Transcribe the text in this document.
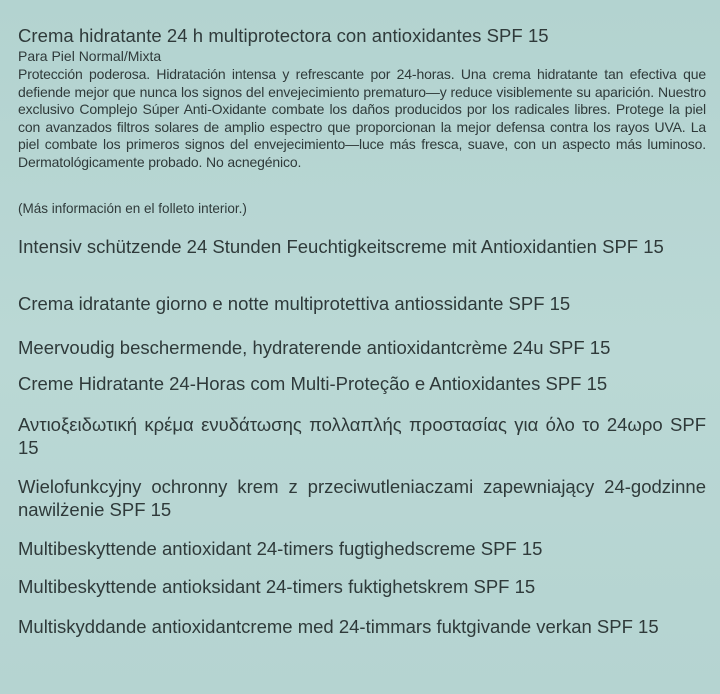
Crema hidratante 24 h multiprotectora con antioxidantes SPF 15
Para Piel Normal/Mixta

Protección poderosa. Hidratación intensa y refrescante por 24-horas. Una crema hidratante tan efectiva que defiende mejor que nunca los signos del envejecimiento prematuro—y reduce visiblemente su aparición. Nuestro exclusivo Complejo Súper Anti-Oxidante combate los daños producidos por los radicales libres. Protege la piel con avanzados filtros solares de amplio espectro que proporcionan la mejor defensa contra los rayos UVA. La piel combate los primeros signos del envejecimiento—luce más fresca, suave, con un aspecto más luminoso. Dermatológicamente probado. No acnegénico.

(Más información en el folleto interior.)
Intensiv schützende 24 Stunden Feuchtigkeitscreme mit Antioxidantien SPF 15
Crema idratante giorno e notte multiprotettiva antiossidante SPF 15
Meervoudig beschermende, hydraterende antioxidantcrème 24u SPF 15
Creme Hidratante 24-Horas com Multi-Proteção e Antioxidantes SPF 15
Αντιοξειδωτική κρέμα ενυδάτωσης πολλαπλής προστασίας για όλο το 24ωρο SPF 15
Wielofunkcyjny ochronny krem z przeciwutleniaczami zapewniający 24-godzinne nawilżenie SPF 15
Multibeskyttende antioxidant 24-timers fugtighedscreme SPF 15
Multibeskyttende antioksidant 24-timers fuktighetskrem SPF 15
Multiskyddande antioxidantcreme med 24-timmars fuktgivande verkan SPF 15
